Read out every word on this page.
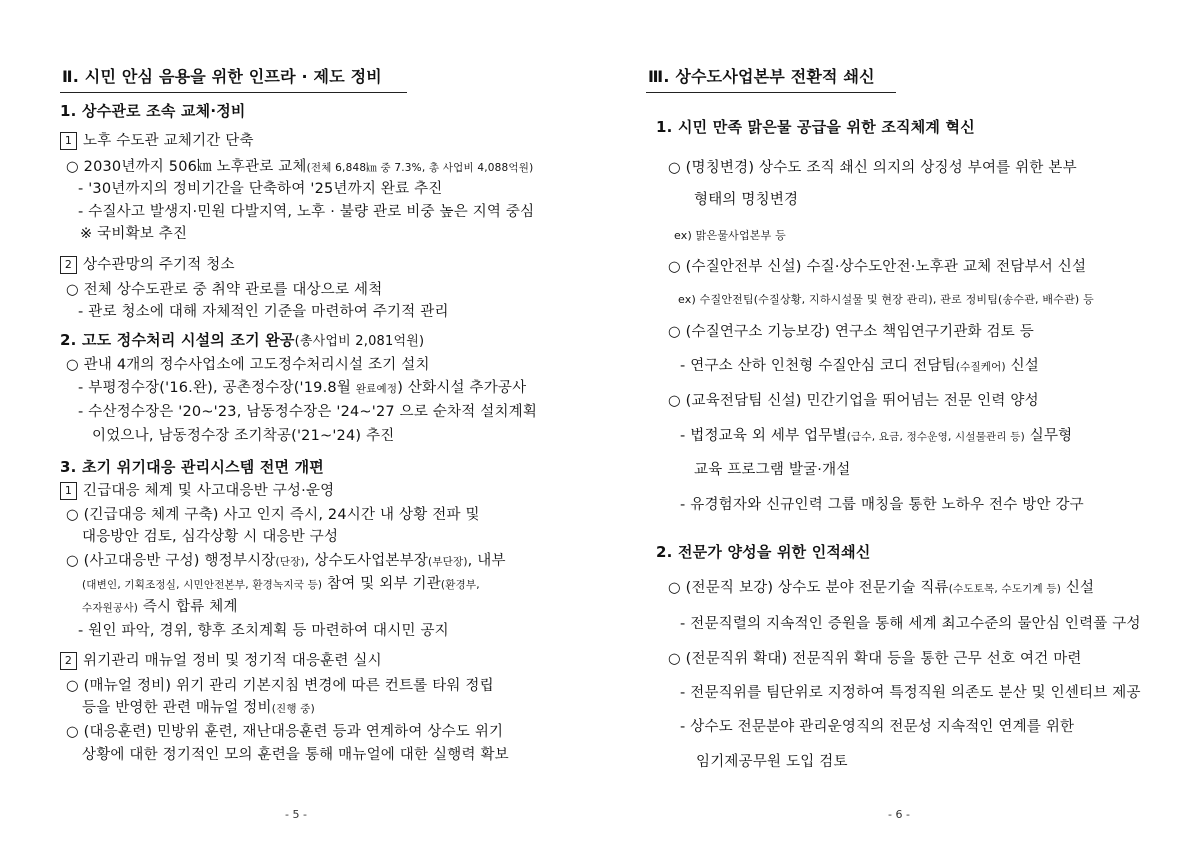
Ⅱ. 시민 안심 음용을 위한 인프라 · 제도 정비
1. 상수관로 조속 교체·정비
1 노후 수도관 교체기간 단축
○ 2030년까지 506㎞ 노후관로 교체(전체 6,848㎞ 중 7.3%, 총 사업비 4,088억원)
- '30년까지의 정비기간을 단축하여 '25년까지 완료 추진
- 수질사고 발생지·민원 다발지역, 노후 · 불량 관로 비중 높은 지역 중심
※ 국비확보 추진
2 상수관망의 주기적 청소
○ 전체 상수도관로 중 취약 관로를 대상으로 세척
- 관로 청소에 대해 자체적인 기준을 마련하여 주기적 관리
2. 고도 정수처리 시설의 조기 완공(총사업비 2,081억원)
○ 관내 4개의 정수사업소에 고도정수처리시설 조기 설치
- 부평정수장('16.완), 공촌정수장('19.8월 완료예정) 산화시설 추가공사
- 수산정수장은 '20~'23, 남동정수장은 '24~'27 으로 순차적 설치계획
이었으나, 남동정수장 조기착공('21~'24) 추진
3. 초기 위기대응 관리시스템 전면 개편
1 긴급대응 체계 및 사고대응반 구성·운영
○ (긴급대응 체계 구축) 사고 인지 즉시, 24시간 내 상황 전파 및
대응방안 검토, 심각상황 시 대응반 구성
○ (사고대응반 구성) 행정부시장(단장), 상수도사업본부장(부단장), 내부
(대변인, 기획조정실, 시민안전본부, 환경녹지국 등) 참여 및 외부 기관(환경부,
수자원공사) 즉시 합류 체계
- 원인 파악, 경위, 향후 조치계획 등 마련하여 대시민 공지
2 위기관리 매뉴얼 정비 및 정기적 대응훈련 실시
○ (매뉴얼 정비) 위기 관리 기본지침 변경에 따른 컨트롤 타워 정립
등을 반영한 관련 매뉴얼 정비(진행 중)
○ (대응훈련) 민방위 훈련, 재난대응훈련 등과 연계하여 상수도 위기
상황에 대한 정기적인 모의 훈련을 통해 매뉴얼에 대한 실행력 확보
- 5 -
Ⅲ. 상수도사업본부 전환적 쇄신
1. 시민 만족 맑은물 공급을 위한 조직체계 혁신
○ (명칭변경) 상수도 조직 쇄신 의지의 상징성 부여를 위한 본부
형태의 명칭변경
ex) 맑은물사업본부 등
○ (수질안전부 신설) 수질·상수도안전·노후관 교체 전담부서 신설
ex) 수질안전팀(수질상황, 지하시설물 및 현장 관리), 관로 정비팀(송수관, 배수관) 등
○ (수질연구소 기능보강) 연구소 책임연구기관화 검토 등
- 연구소 산하 인천형 수질안심 코디 전담팀(수질케어) 신설
○ (교육전담팀 신설) 민간기업을 뛰어넘는 전문 인력 양성
- 법정교육 외 세부 업무별(급수, 요금, 정수운영, 시설물관리 등) 실무형
교육 프로그램 발굴·개설
- 유경험자와 신규인력 그룹 매칭을 통한 노하우 전수 방안 강구
2. 전문가 양성을 위한 인적쇄신
○ (전문직 보강) 상수도 분야 전문기술 직류(수도토목, 수도기계 등) 신설
- 전문직렬의 지속적인 증원을 통해 세계 최고수준의 물안심 인력풀 구성
○ (전문직위 확대) 전문직위 확대 등을 통한 근무 선호 여건 마련
- 전문직위를 팀단위로 지정하여 특정직원 의존도 분산 및 인센티브 제공
- 상수도 전문분야 관리운영직의 전문성 지속적인 연계를 위한
임기제공무원 도입 검토
- 6 -
